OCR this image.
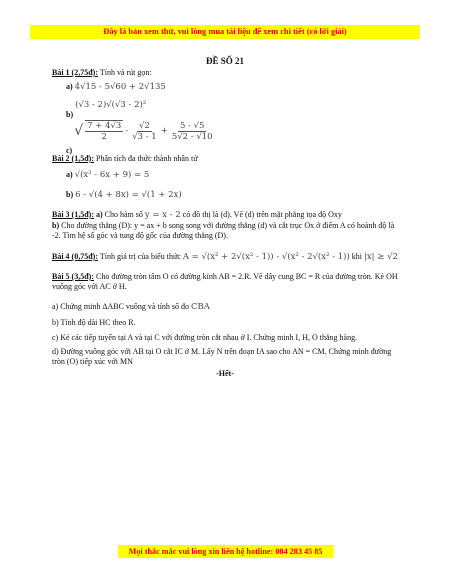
Đây là bản xem thử, vui lòng mua tài liệu để xem chi tiết (có lời giải)
ĐỀ SỐ 21
Bài 1 (2,75đ): Tính và rút gọn:
a) 4√15 - 5√60 + 2√135
b) (√3 - 2)√(√3 - 2)²
c)
√ $\frac{7 + 4√3}{2} - \frac{√2}{√3 - 1} + \frac{5 - √5}{5√2 - √10}$
Bài 2 (1,5đ): Phân tích đa thức thành nhân tử
a) √(x² - 6x + 9) = 5
b) 6 - √(4 + 8x) = √(1 + 2x)
Bài 3 (1,5đ): a) Cho hàm số y = x - 2 có đồ thị là (d). Vẽ (d) trên mặt phẳng tọa độ Oxy
b) Cho đường thẳng (D): y = ax + b song song với đường thẳng (d) và cắt trục Ox ở điểm A có hoành độ là -2. Tìm hệ số góc và tung độ gốc của đường thẳng (D).
Bài 4 (0,75đ): Tính giá trị của biểu thức A = √(x² + 2√(x² - 1)) - √(x² - 2√(x² - 1)) khi |x| ≥ √2
Bài 5 (3,5đ): Cho đường tròn tâm O có đường kính AB = 2.R. Vẽ dây cung BC = R của đường tròn. Kẻ OH vuông góc với AC ở H.
a) Chứng minh ΔABC vuông và tính số đo CBA
b) Tính độ dài HC theo R.
c) Kẻ các tiếp tuyến tại A và tại C với đường tròn cắt nhau ở I. Chứng minh I, H, O thẳng hàng.
d) Đường vuông góc với AB tại O cắt IC ở M. Lấy N trên đoạn IA sao cho AN = CM. Chứng minh đường tròn (O) tiếp xúc với MN
-Hết-
Mọi thắc mắc vui lòng xin liên hệ hotline: 084 283 45 85
